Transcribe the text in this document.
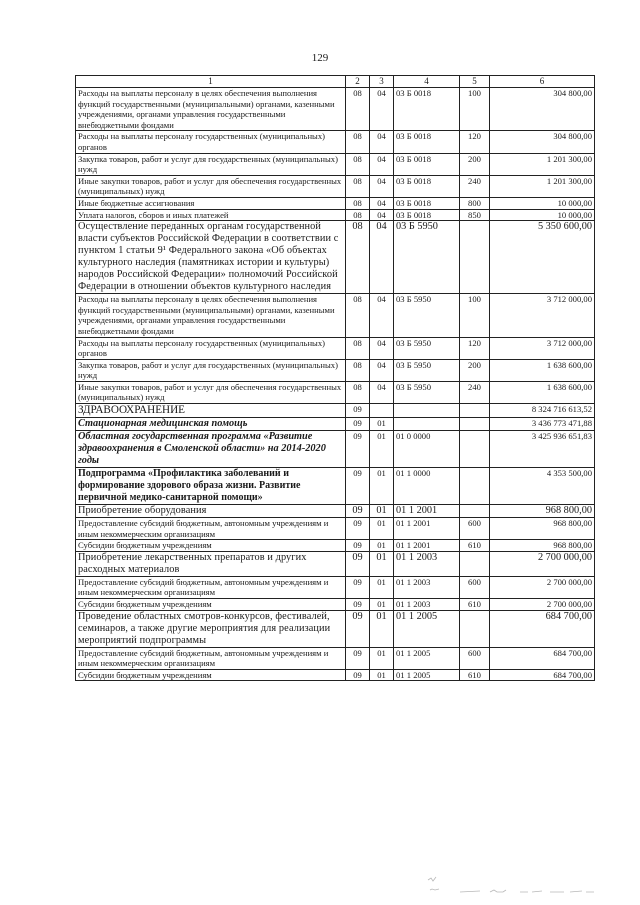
129
1	2	3	4	5	6
Расходы на выплаты персоналу в целях обеспечения выполнения функций государственными (муниципальными) органами, казенными учреждениями, органами управления государственными внебюджетными фондами	08	04	03 Б 0018	100	304 800,00
Расходы на выплаты персоналу государственных (муниципальных) органов	08	04	03 Б 0018	120	304 800,00
Закупка товаров, работ и услуг для государственных (муниципальных) нужд	08	04	03 Б 0018	200	1 201 300,00
Иные закупки товаров, работ и услуг для обеспечения государственных (муниципальных) нужд	08	04	03 Б 0018	240	1 201 300,00
Иные бюджетные ассигнования	08	04	03 Б 0018	800	10 000,00
Уплата налогов, сборов и иных платежей	08	04	03 Б 0018	850	10 000,00
Осуществление переданных органам государственной власти субъектов Российской Федерации в соответствии с пунктом 1 статьи 9¹ Федерального закона «Об объектах культурного наследия (памятниках истории и культуры) народов Российской Федерации» полномочий Российской Федерации в отношении объектов культурного наследия	08	04	03 Б 5950		5 350 600,00
Расходы на выплаты персоналу в целях обеспечения выполнения функций государственными (муниципальными) органами, казенными учреждениями, органами управления государственными внебюджетными фондами	08	04	03 Б 5950	100	3 712 000,00
Расходы на выплаты персоналу государственных (муниципальных) органов	08	04	03 Б 5950	120	3 712 000,00
Закупка товаров, работ и услуг для государственных (муниципальных) нужд	08	04	03 Б 5950	200	1 638 600,00
Иные закупки товаров, работ и услуг для обеспечения государственных (муниципальных) нужд	08	04	03 Б 5950	240	1 638 600,00
ЗДРАВООХРАНЕНИЕ	09				8 324 716 613,52
Стационарная медицинская помощь	09	01			3 436 773 471,88
Областная государственная программа «Развитие здравоохранения в Смоленской области» на 2014-2020 годы	09	01	01 0 0000		3 425 936 651,83
Подпрограмма «Профилактика заболеваний и формирование здорового образа жизни. Развитие первичной медико-санитарной помощи»	09	01	01 1 0000		4 353 500,00
Приобретение оборудования	09	01	01 1 2001		968 800,00
Предоставление субсидий бюджетным, автономным учреждениям и иным некоммерческим организациям	09	01	01 1 2001	600	968 800,00
Субсидии бюджетным учреждениям	09	01	01 1 2001	610	968 800,00
Приобретение лекарственных препаратов и других расходных материалов	09	01	01 1 2003		2 700 000,00
Предоставление субсидий бюджетным, автономным учреждениям и иным некоммерческим организациям	09	01	01 1 2003	600	2 700 000,00
Субсидии бюджетным учреждениям	09	01	01 1 2003	610	2 700 000,00
Проведение областных смотров-конкурсов, фестивалей, семинаров, а также другие мероприятия для реализации мероприятий подпрограммы	09	01	01 1 2005		684 700,00
Предоставление субсидий бюджетным, автономным учреждениям и иным некоммерческим организациям	09	01	01 1 2005	600	684 700,00
Субсидии бюджетным учреждениям	09	01	01 1 2005	610	684 700,00
